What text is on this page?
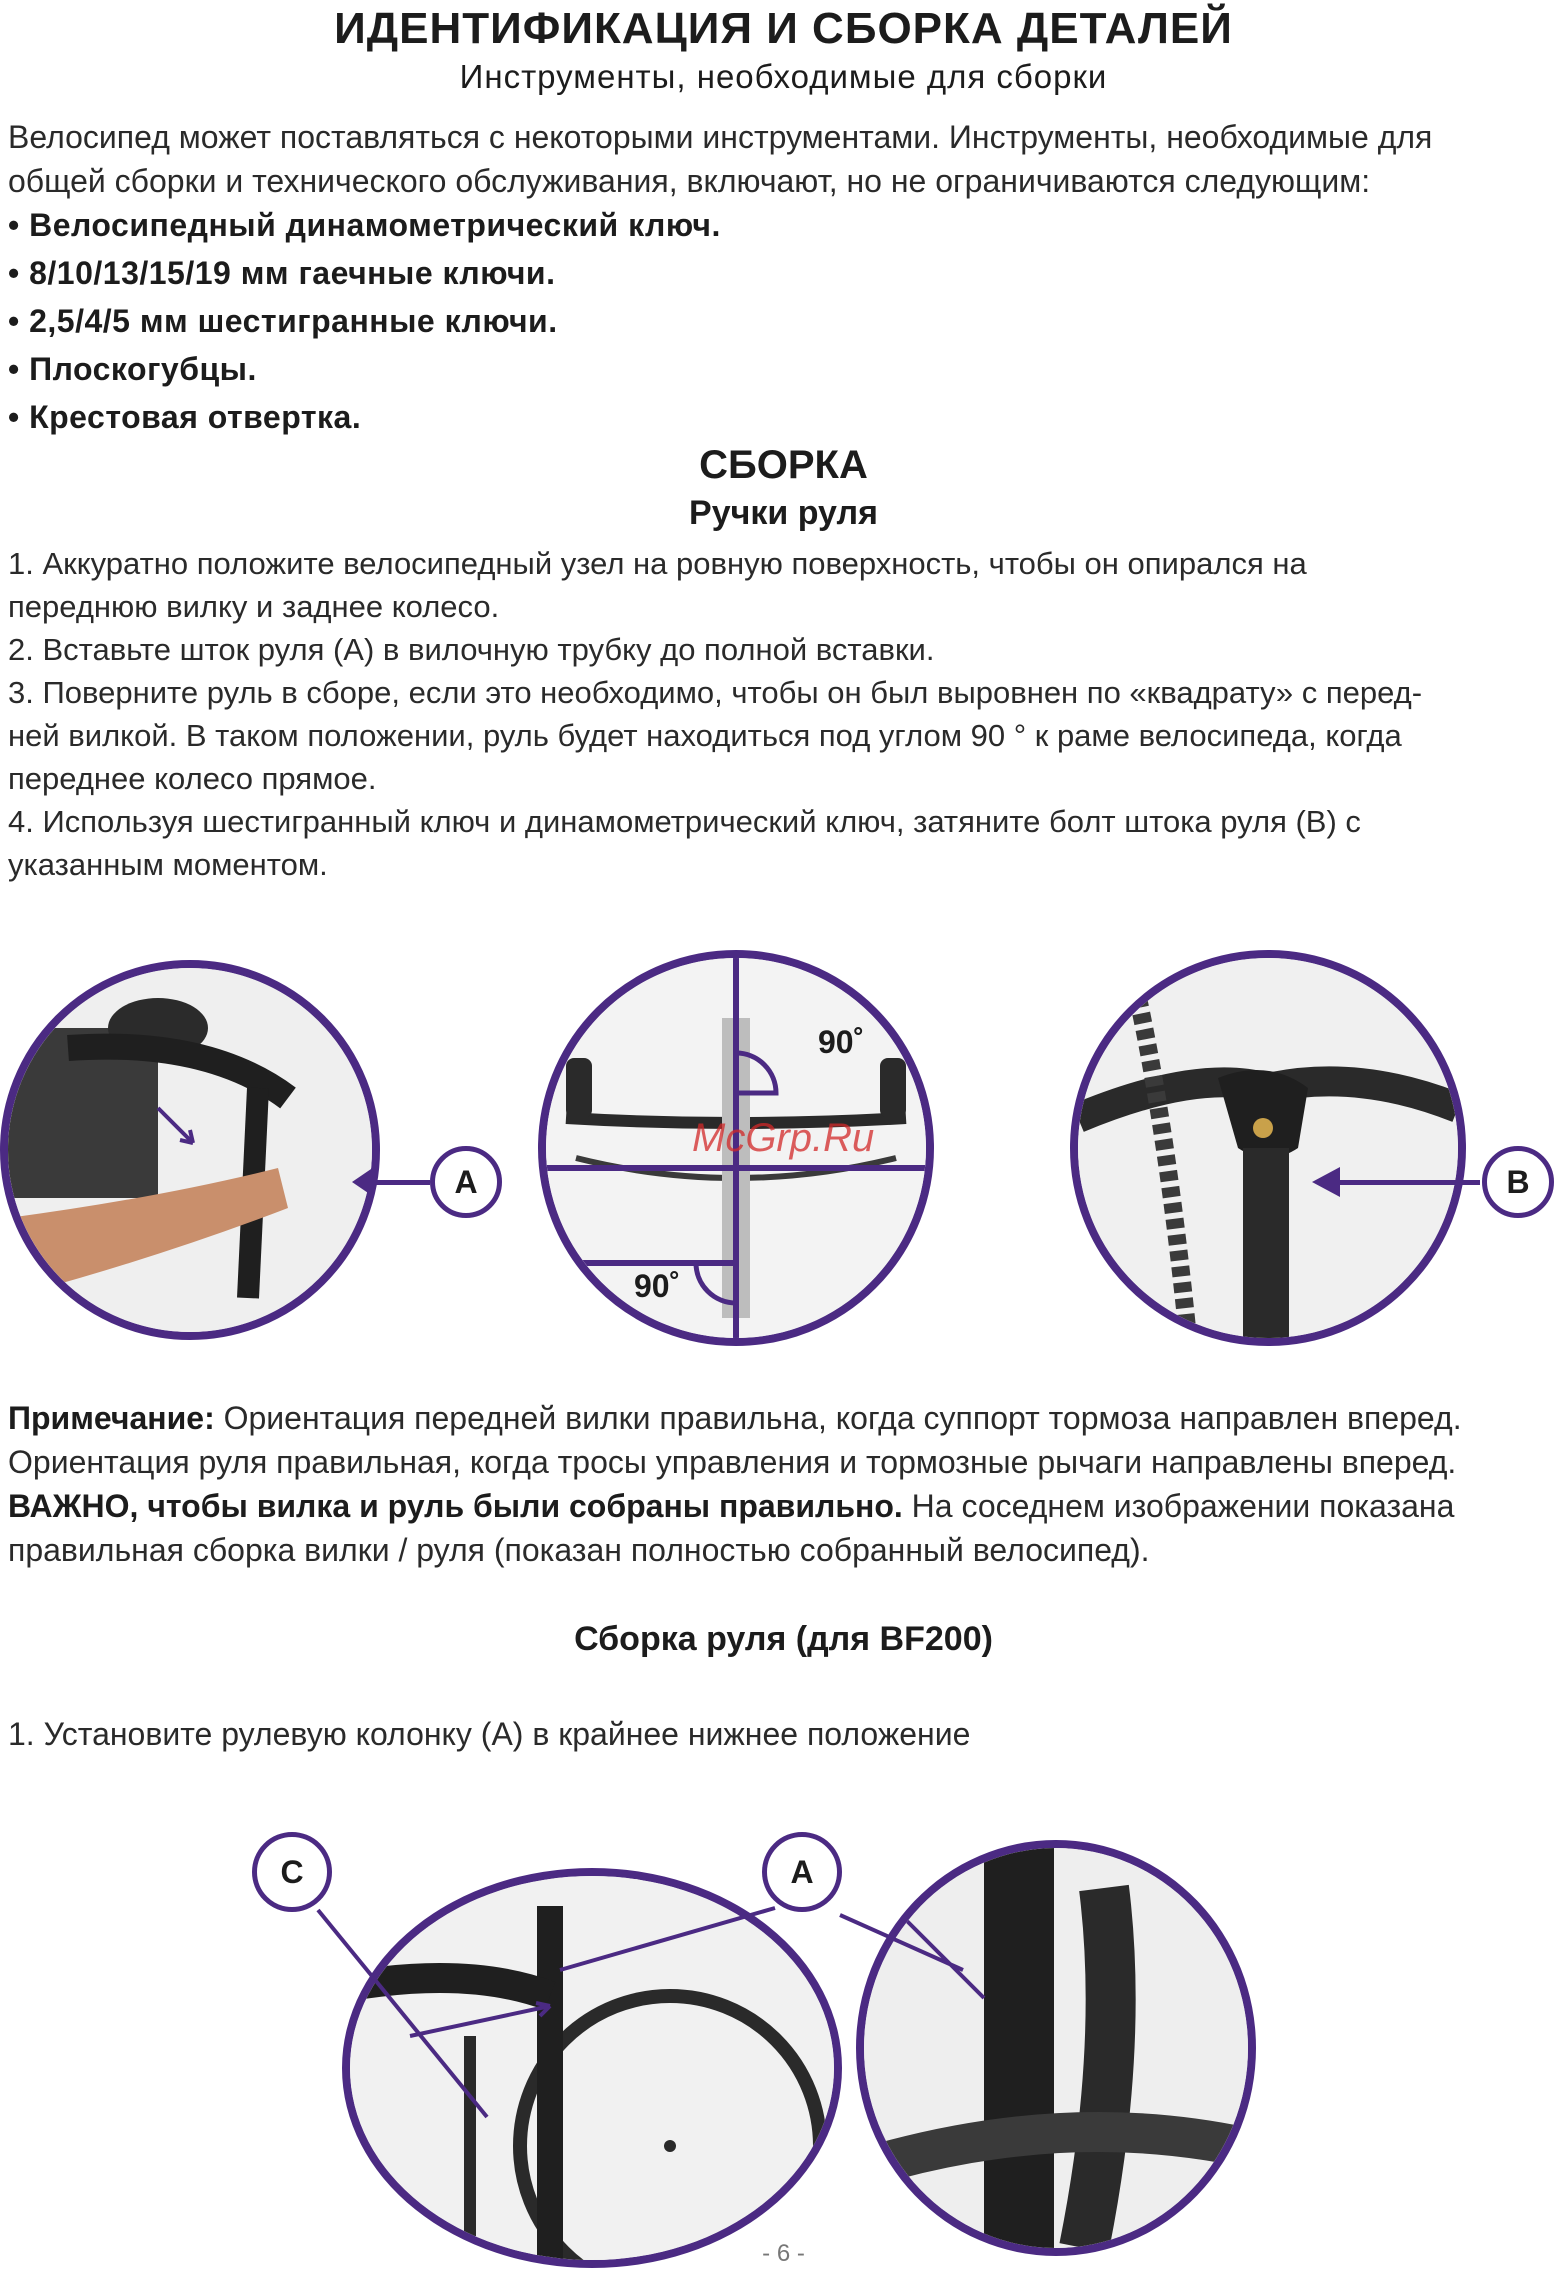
ИДЕНТИФИКАЦИЯ И СБОРКА ДЕТАЛЕЙ
Инструменты, необходимые для сборки
Велосипед может поставляться с некоторыми инструментами. Инструменты, необходимые для
общей сборки и технического обслуживания, включают, но не ограничиваются следующим:
• Велосипедный динамометрический ключ.
• 8/10/13/15/19 мм гаечные ключи.
• 2,5/4/5 мм шестигранные ключи.
• Плоскогубцы.
• Крестовая отвертка.
СБОРКА
Ручки руля
1. Аккуратно положите велосипедный узел на ровную поверхность, чтобы он опирался на
переднюю вилку и заднее колесо.
2. Вставьте шток руля (А) в вилочную трубку до полной вставки.
3. Поверните руль в сборе, если это необходимо, чтобы он был выровнен по «квадрату» с перед-
ней вилкой. В таком положении, руль будет находиться под углом 90 ° к раме велосипеда, когда
переднее колесо прямое.
4. Используя шестигранный ключ и динамометрический ключ, затяните болт штока руля (В) с
указанным моментом.
A
90˚
90˚
McGrp.Ru
B
Примечание: Ориентация передней вилки правильна, когда суппорт тормоза направлен вперед.
Ориентация руля правильная, когда тросы управления и тормозные рычаги направлены вперед.
ВАЖНО, чтобы вилка и руль были собраны правильно. На соседнем изображении показана
правильная сборка вилки / руля (показан полностью собранный велосипед).
Сборка руля (для BF200)
1. Установите рулевую колонку (А) в крайнее нижнее положение
C	A
- 6 -
